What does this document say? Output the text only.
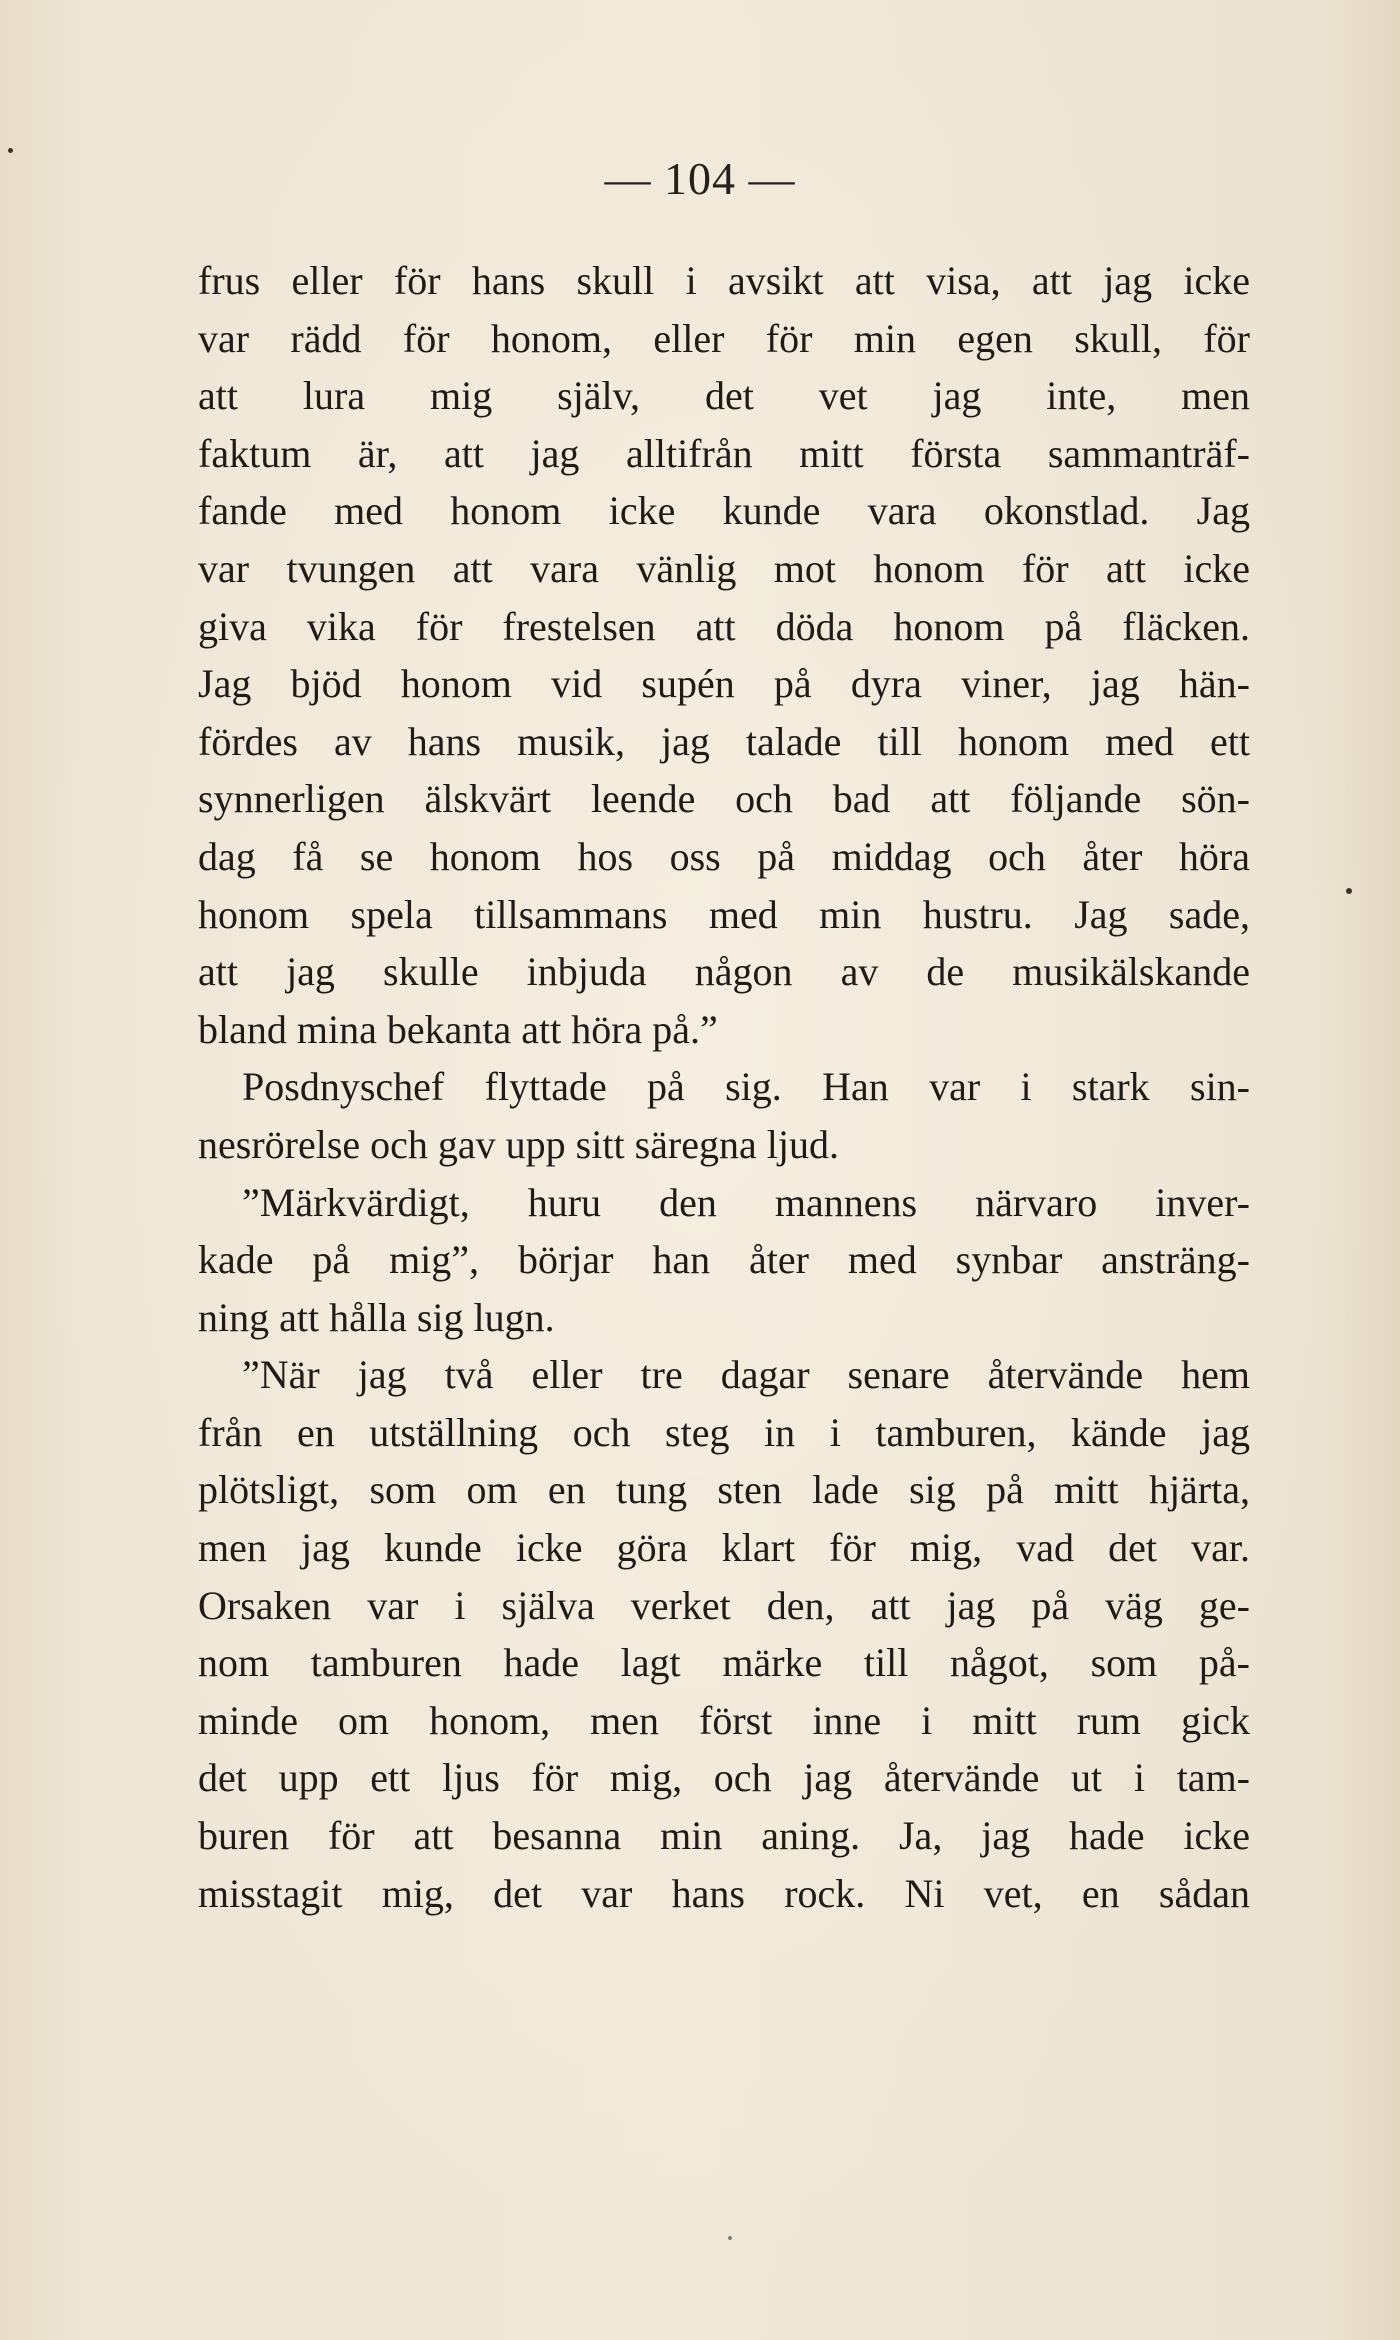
— 104 —
frus eller för hans skull i avsikt att visa, att jag icke
var rädd för honom, eller för min egen skull, för
att lura mig själv, det vet jag inte, men
faktum är, att jag alltifrån mitt första sammanträf-
fande med honom icke kunde vara okonstlad. Jag
var tvungen att vara vänlig mot honom för att icke
giva vika för frestelsen att döda honom på fläcken.
Jag bjöd honom vid supén på dyra viner, jag hän-
fördes av hans musik, jag talade till honom med ett
synnerligen älskvärt leende och bad att följande sön-
dag få se honom hos oss på middag och åter höra
honom spela tillsammans med min hustru. Jag sade,
att jag skulle inbjuda någon av de musikälskande
bland mina bekanta att höra på.”
Posdnyschef flyttade på sig. Han var i stark sin-
nesrörelse och gav upp sitt säregna ljud.
”Märkvärdigt, huru den mannens närvaro inver-
kade på mig”, börjar han åter med synbar ansträng-
ning att hålla sig lugn.
”När jag två eller tre dagar senare återvände hem
från en utställning och steg in i tamburen, kände jag
plötsligt, som om en tung sten lade sig på mitt hjärta,
men jag kunde icke göra klart för mig, vad det var.
Orsaken var i själva verket den, att jag på väg ge-
nom tamburen hade lagt märke till något, som på-
minde om honom, men först inne i mitt rum gick
det upp ett ljus för mig, och jag återvände ut i tam-
buren för att besanna min aning. Ja, jag hade icke
misstagit mig, det var hans rock. Ni vet, en sådan
